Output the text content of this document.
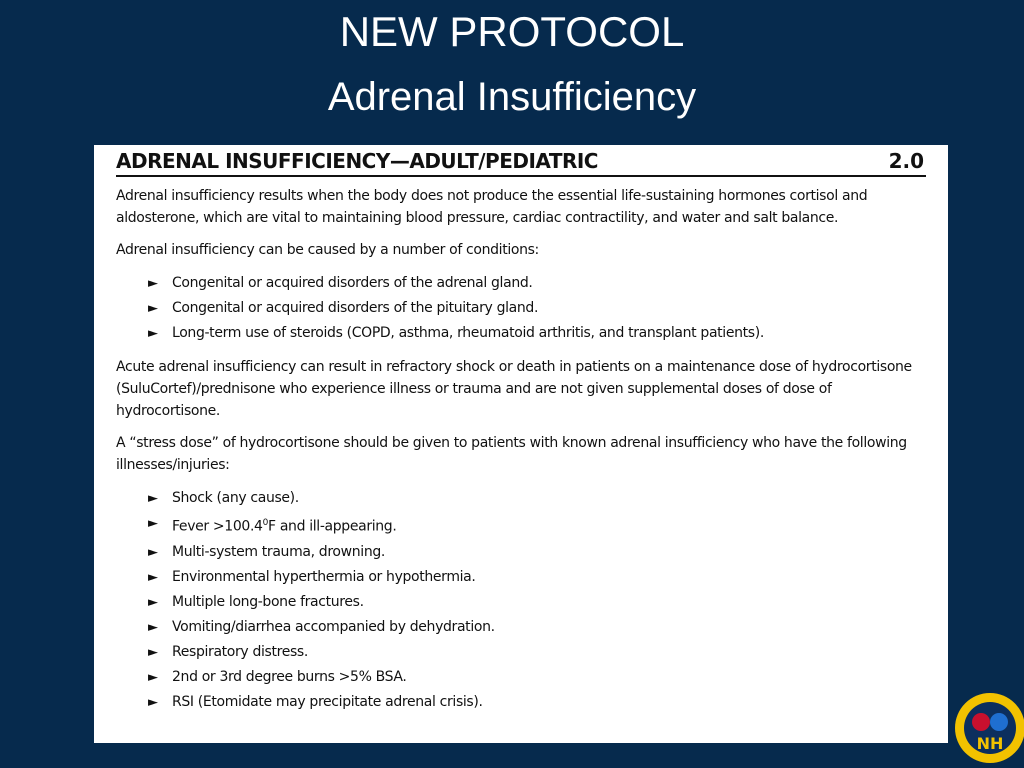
NEW PROTOCOL
Adrenal Insufficiency
ADRENAL INSUFFICIENCY—ADULT/PEDIATRIC	2.0

Adrenal insufficiency results when the body does not produce the essential life-sustaining hormones cortisol and aldosterone, which are vital to maintaining blood pressure, cardiac contractility, and water and salt balance.

Adrenal insufficiency can be caused by a number of conditions:

►	Congenital or acquired disorders of the adrenal gland.
►	Congenital or acquired disorders of the pituitary gland.
►	Long-term use of steroids (COPD, asthma, rheumatoid arthritis, and transplant patients).

Acute adrenal insufficiency can result in refractory shock or death in patients on a maintenance dose of hydrocortisone (SuluCortef)/prednisone who experience illness or trauma and are not given supplemental doses of dose of hydrocortisone.

A “stress dose” of hydrocortisone should be given to patients with known adrenal insufficiency who have the following illnesses/injuries:

►	Shock (any cause).
►	Fever $>100.4^0F$ and ill-appearing.
►	Multi-system trauma, drowning.
►	Environmental hyperthermia or hypothermia.
►	Multiple long-bone fractures.
►	Vomiting/diarrhea accompanied by dehydration.
►	Respiratory distress.
►	2nd or 3rd degree burns >5% BSA.
►	RSI (Etomidate may precipitate adrenal crisis).
NH
